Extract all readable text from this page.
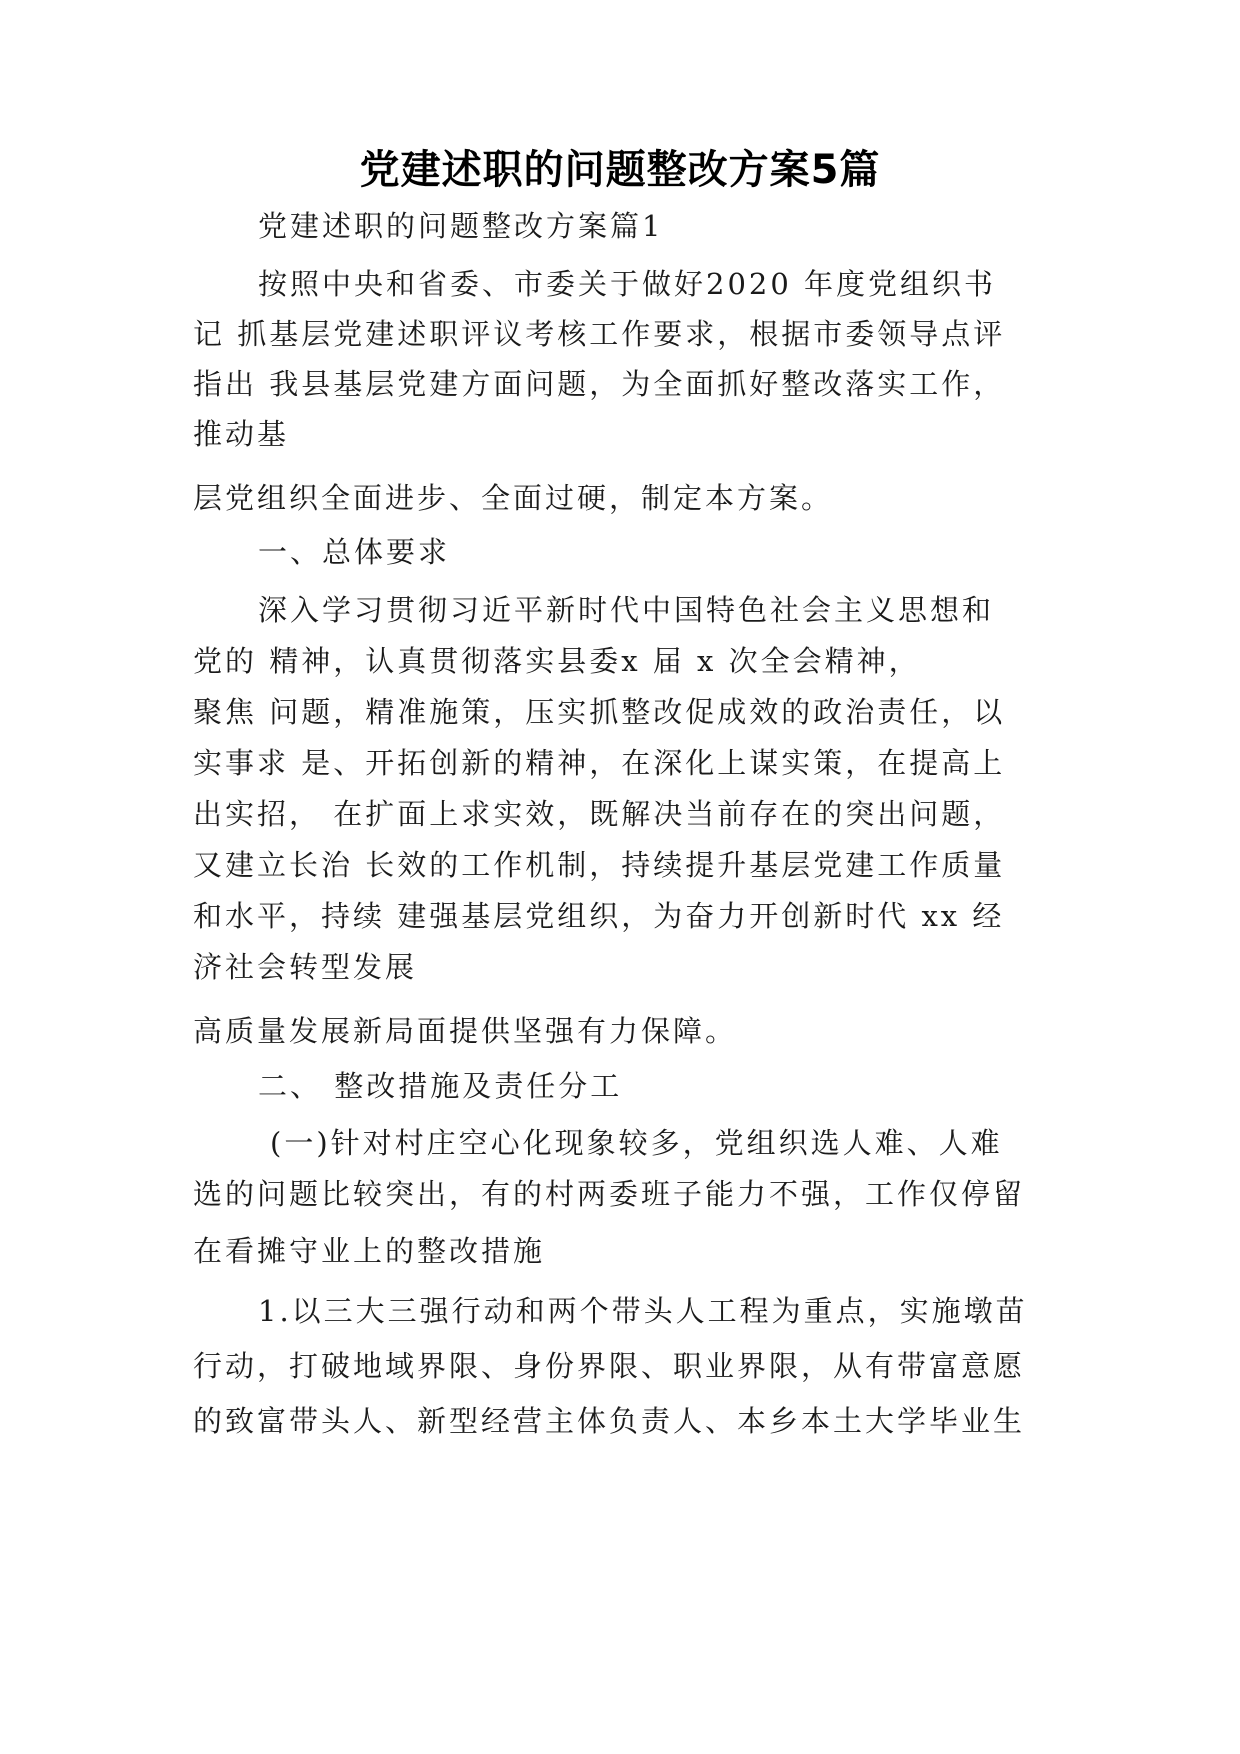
党建述职的问题整改方案5篇
党建述职的问题整改方案篇1
按照中央和省委、市委关于做好2020 年度党组织书
记 抓基层党建述职评议考核工作要求，根据市委领导点评
指出 我县基层党建方面问题，为全面抓好整改落实工作，
推动基
层党组织全面进步、全面过硬，制定本方案。
一、总体要求
深入学习贯彻习近平新时代中国特色社会主义思想和
党的 精神，认真贯彻落实县委x 届 x 次全会精神，
聚焦 问题，精准施策，压实抓整改促成效的政治责任，以
实事求 是、开拓创新的精神，在深化上谋实策，在提高上
出实招， 在扩面上求实效，既解决当前存在的突出问题，
又建立长治 长效的工作机制，持续提升基层党建工作质量
和水平，持续 建强基层党组织，为奋力开创新时代 xx 经
济社会转型发展
高质量发展新局面提供坚强有力保障。
二、 整改措施及责任分工
(一)针对村庄空心化现象较多，党组织选人难、人难
选的问题比较突出，有的村两委班子能力不强，工作仅停留
在看摊守业上的整改措施
1.以三大三强行动和两个带头人工程为重点，实施墩苗
行动，打破地域界限、身份界限、职业界限，从有带富意愿
的致富带头人、新型经营主体负责人、本乡本土大学毕业生
